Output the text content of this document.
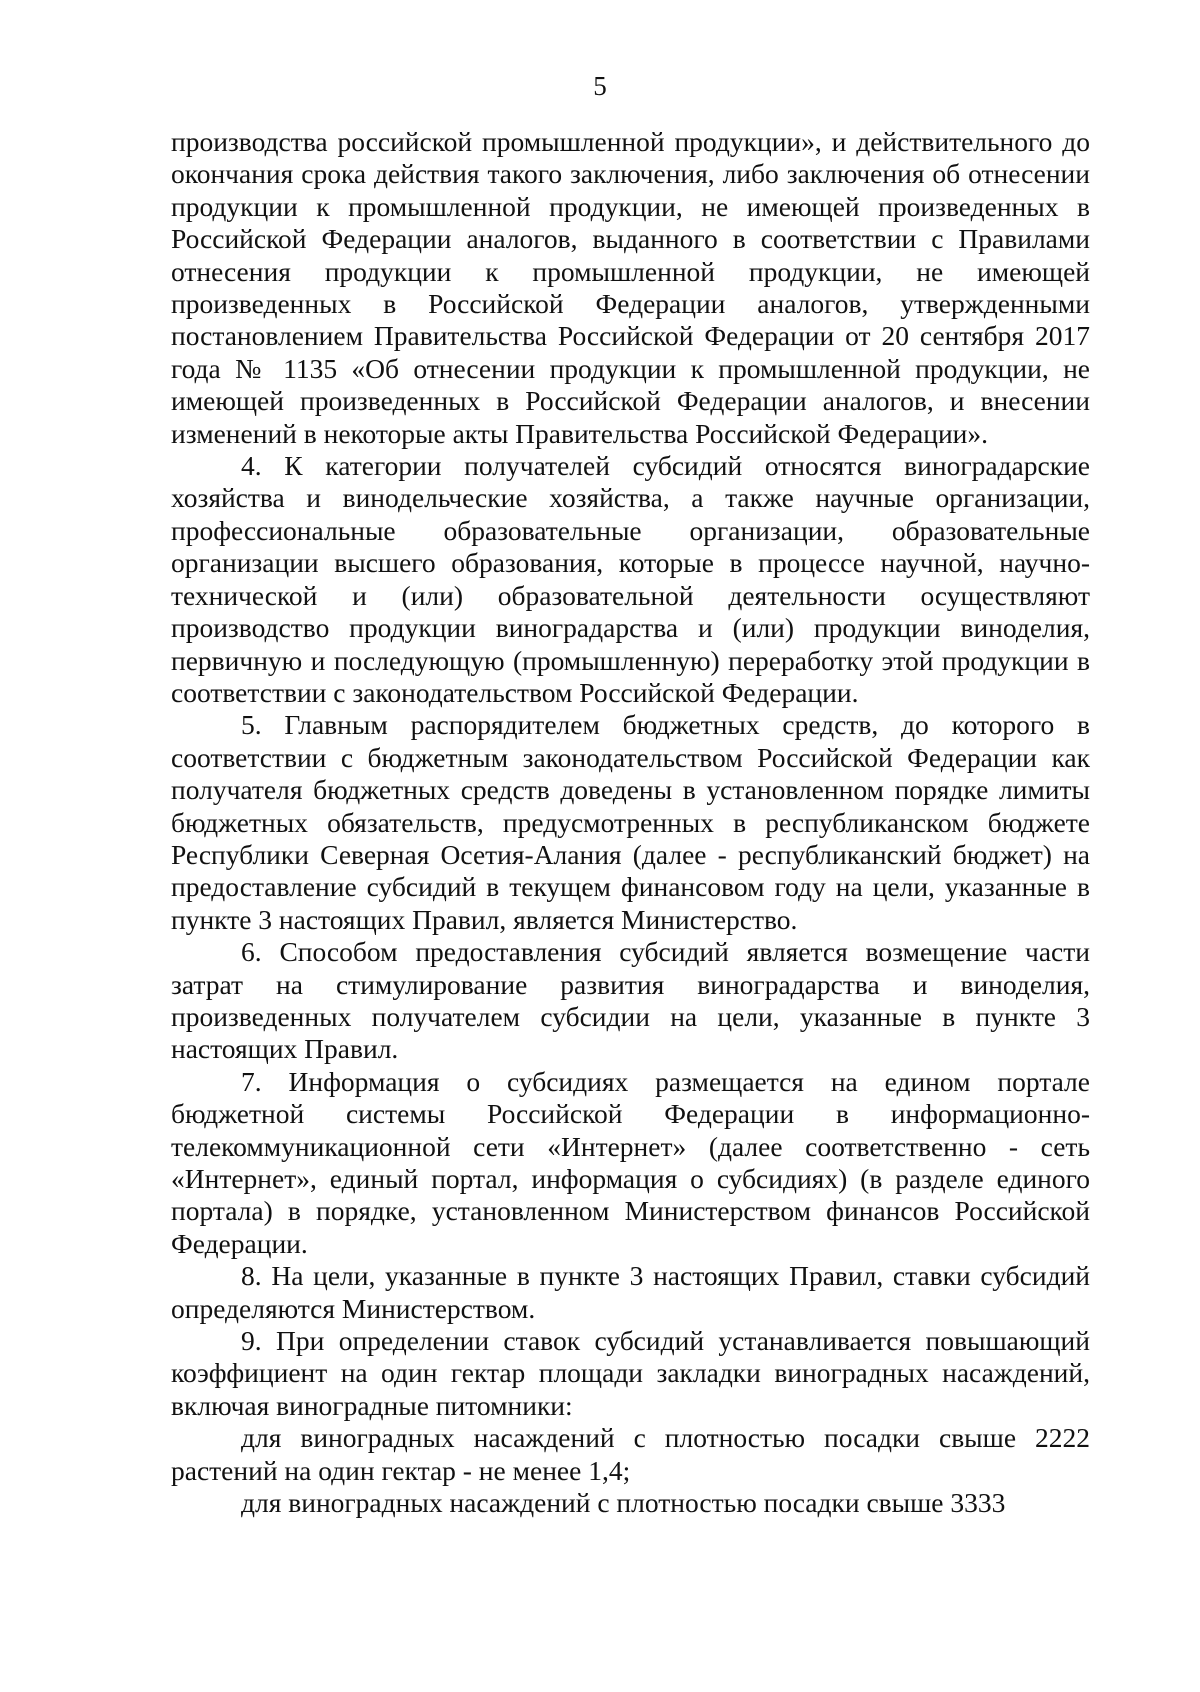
5

производства российской промышленной продукции», и действительного до окончания срока действия такого заключения, либо заключения об отнесении продукции к промышленной продукции, не имеющей произведенных в Российской Федерации аналогов, выданного в соответствии с Правилами отнесения продукции к промышленной продукции, не имеющей произведенных в Российской Федерации аналогов, утвержденными постановлением Правительства Российской Федерации от 20 сентября 2017 года № 1135 «Об отнесении продукции к промышленной продукции, не имеющей произведенных в Российской Федерации аналогов, и внесении изменений в некоторые акты Правительства Российской Федерации».

4. К категории получателей субсидий относятся виноградарские хозяйства и винодельческие хозяйства, а также научные организации, профессиональные образовательные организации, образовательные организации высшего образования, которые в процессе научной, научно-технической и (или) образовательной деятельности осуществляют производство продукции виноградарства и (или) продукции виноделия, первичную и последующую (промышленную) переработку этой продукции в соответствии с законодательством Российской Федерации.

5. Главным распорядителем бюджетных средств, до которого в соответствии с бюджетным законодательством Российской Федерации как получателя бюджетных средств доведены в установленном порядке лимиты бюджетных обязательств, предусмотренных в республиканском бюджете Республики Северная Осетия-Алания (далее - республиканский бюджет) на предоставление субсидий в текущем финансовом году на цели, указанные в пункте 3 настоящих Правил, является Министерство.

6. Способом предоставления субсидий является возмещение части затрат на стимулирование развития виноградарства и виноделия, произведенных получателем субсидии на цели, указанные в пункте 3 настоящих Правил.

7. Информация о субсидиях размещается на едином портале бюджетной системы Российской Федерации в информационно-телекоммуникационной сети «Интернет» (далее соответственно - сеть «Интернет», единый портал, информация о субсидиях) (в разделе единого портала) в порядке, установленном Министерством финансов Российской Федерации.

8. На цели, указанные в пункте 3 настоящих Правил, ставки субсидий определяются Министерством.

9. При определении ставок субсидий устанавливается повышающий коэффициент на один гектар площади закладки виноградных насаждений, включая виноградные питомники:

для виноградных насаждений с плотностью посадки свыше 2222 растений на один гектар - не менее 1,4;

для виноградных насаждений с плотностью посадки свыше 3333
